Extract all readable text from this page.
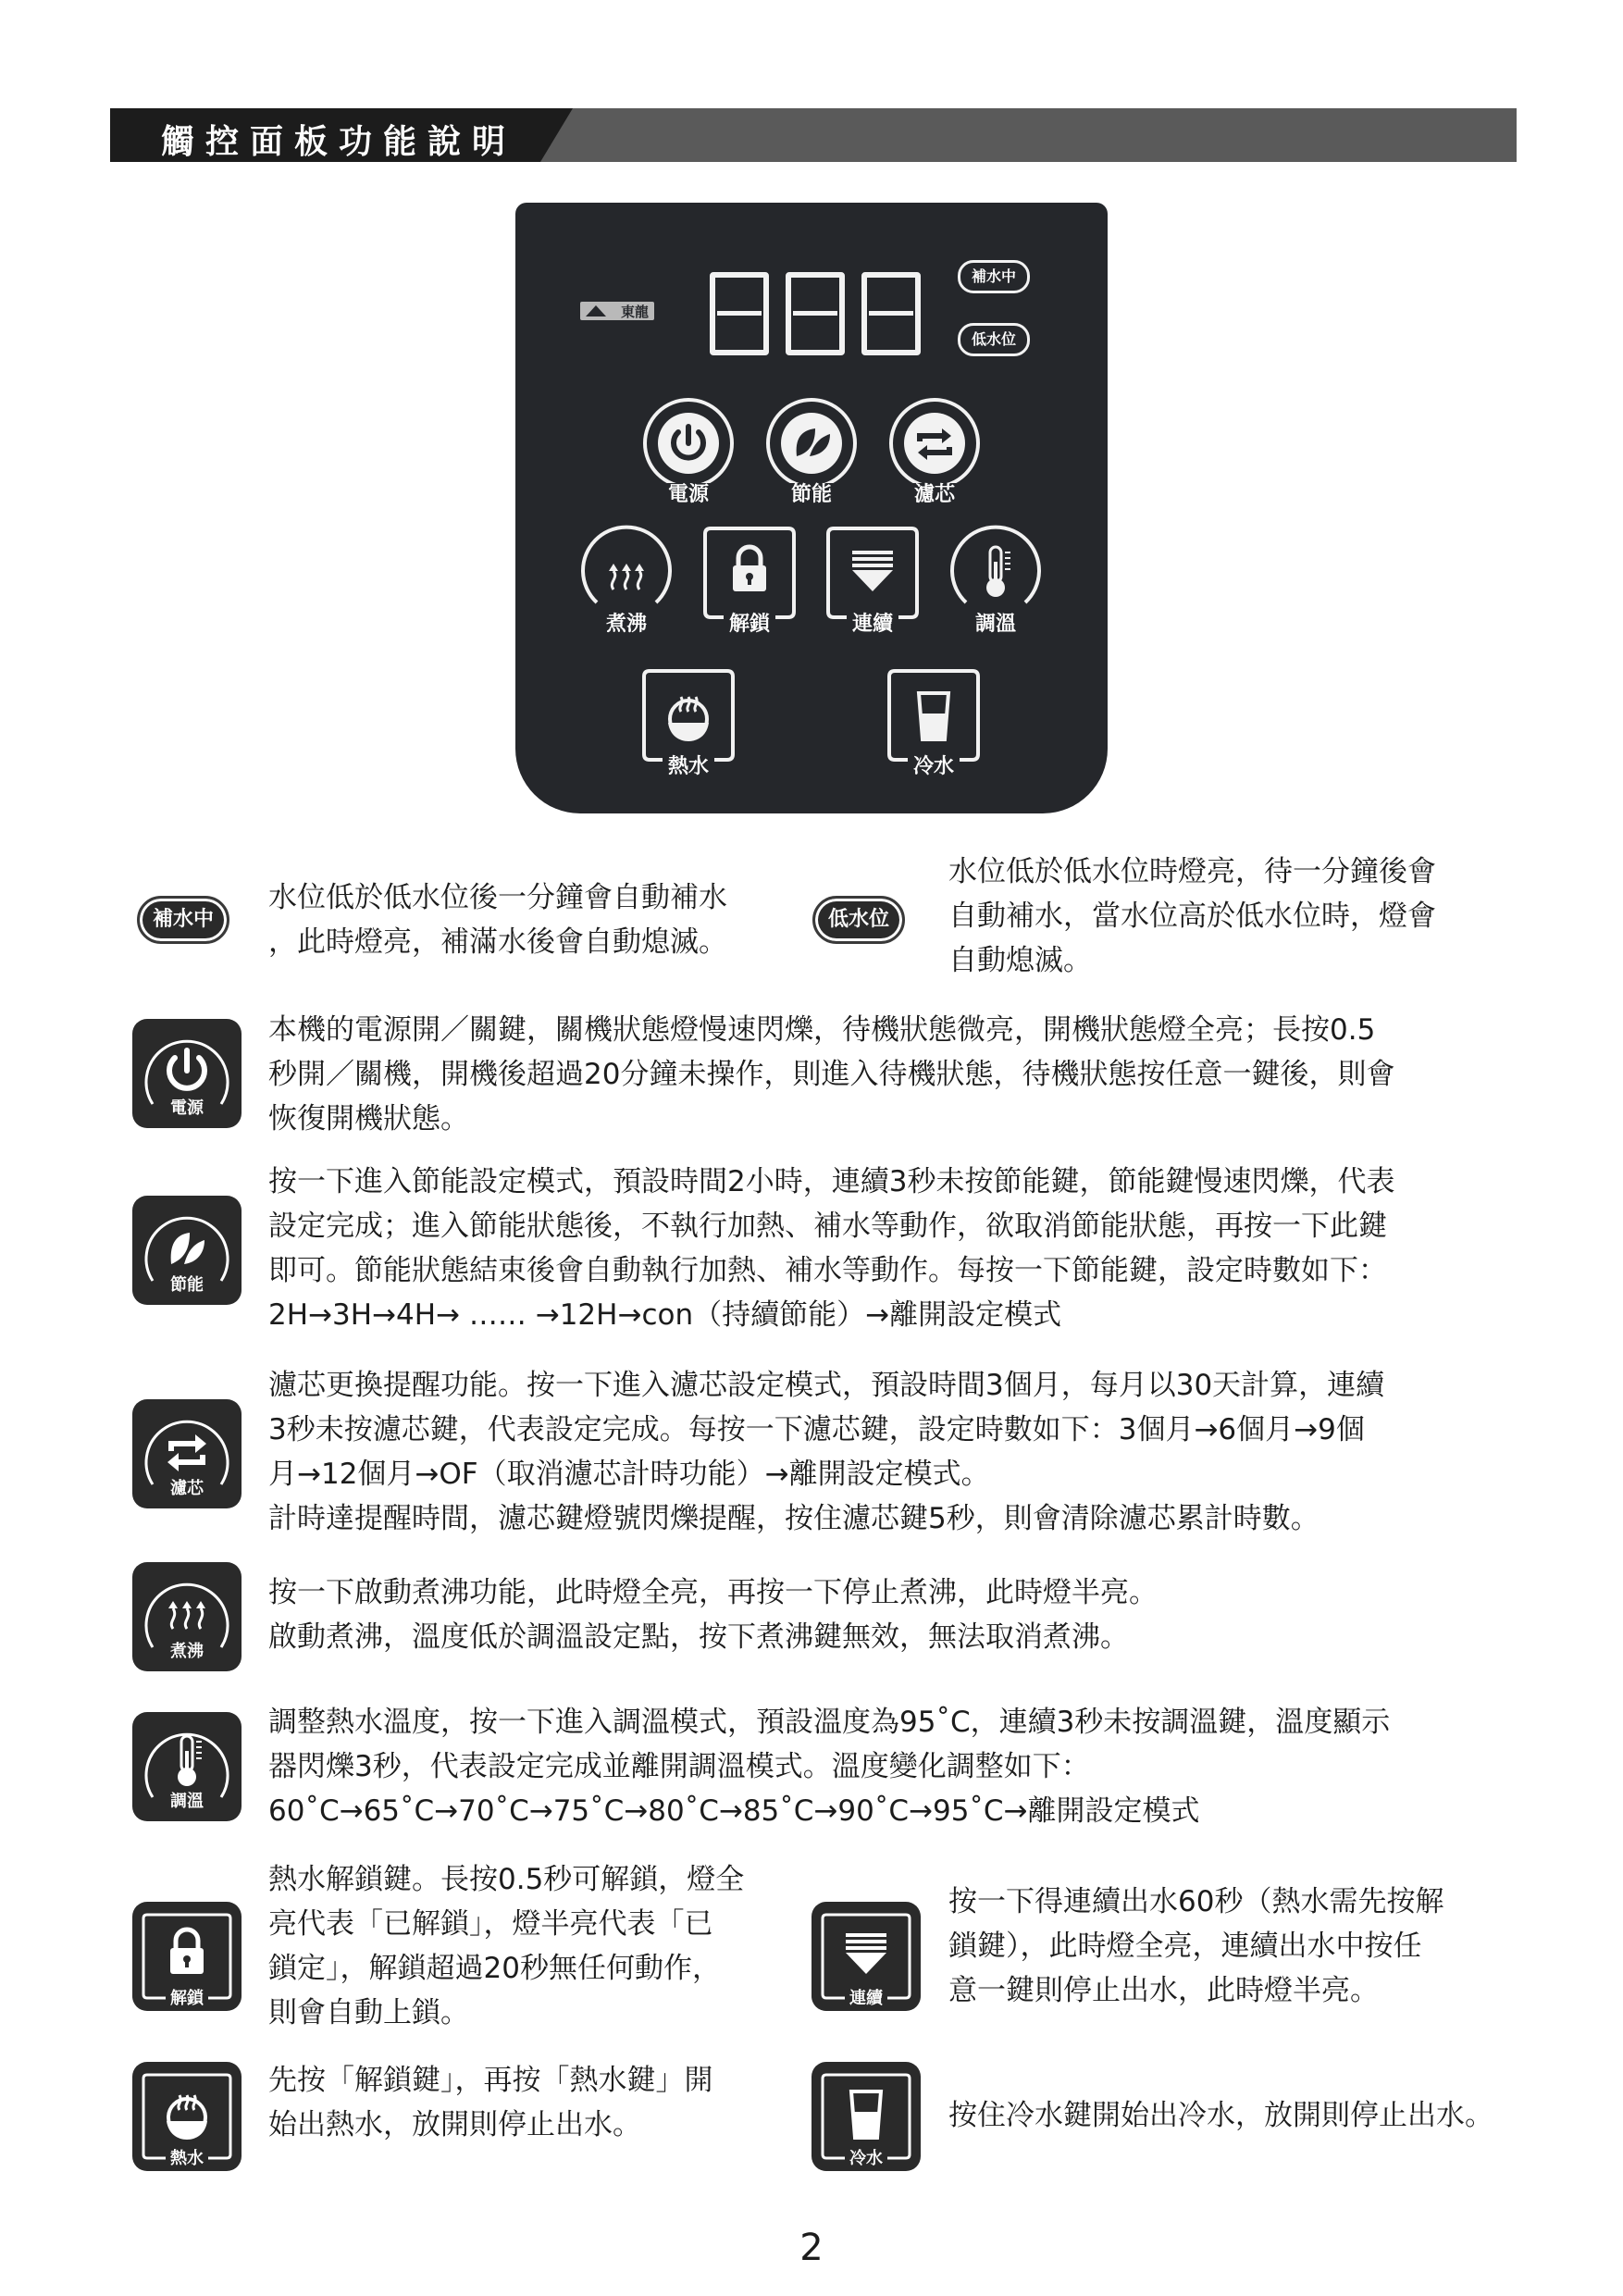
觸控面板功能說明
東龍
補水中
低水位
電源	節能	濾芯
煮沸	解鎖	連續	調溫
熱水	冷水
補水中
水位低於低水位後一分鐘會自動補水
，此時燈亮，補滿水後會自動熄滅。
低水位
水位低於低水位時燈亮，待一分鐘後會
自動補水，當水位高於低水位時，燈會
自動熄滅。
電源
本機的電源開／關鍵，關機狀態燈慢速閃爍，待機狀態微亮，開機狀態燈全亮；長按0.5
秒開／關機，開機後超過20分鐘未操作，則進入待機狀態，待機狀態按任意一鍵後，則會
恢復開機狀態。
節能
按一下進入節能設定模式，預設時間2小時，連續3秒未按節能鍵，節能鍵慢速閃爍，代表
設定完成；進入節能狀態後，不執行加熱、補水等動作，欲取消節能狀態，再按一下此鍵
即可。節能狀態結束後會自動執行加熱、補水等動作。每按一下節能鍵，設定時數如下：
2H→3H→4H→ …… →12H→con（持續節能）→離開設定模式
濾芯
濾芯更換提醒功能。按一下進入濾芯設定模式，預設時間3個月，每月以30天計算，連續
3秒未按濾芯鍵，代表設定完成。每按一下濾芯鍵，設定時數如下：3個月→6個月→9個
月→12個月→OF（取消濾芯計時功能）→離開設定模式。
計時達提醒時間，濾芯鍵燈號閃爍提醒，按住濾芯鍵5秒，則會清除濾芯累計時數。
煮沸
按一下啟動煮沸功能，此時燈全亮，再按一下停止煮沸，此時燈半亮。
啟動煮沸，溫度低於調溫設定點，按下煮沸鍵無效，無法取消煮沸。
調溫
調整熱水溫度，按一下進入調溫模式，預設溫度為95˚C，連續3秒未按調溫鍵，溫度顯示
器閃爍3秒，代表設定完成並離開調溫模式。溫度變化調整如下：
60˚C→65˚C→70˚C→75˚C→80˚C→85˚C→90˚C→95˚C→離開設定模式
解鎖
熱水解鎖鍵。長按0.5秒可解鎖，燈全
亮代表「已解鎖」，燈半亮代表「已
鎖定」，解鎖超過20秒無任何動作，
則會自動上鎖。	連續
按一下得連續出水60秒（熱水需先按解
鎖鍵），此時燈全亮，連續出水中按任
意一鍵則停止出水，此時燈半亮。
熱水
先按「解鎖鍵」，再按「熱水鍵」開
始出熱水，放開則停止出水。
冷水
按住冷水鍵開始出冷水，放開則停止出水。
2
